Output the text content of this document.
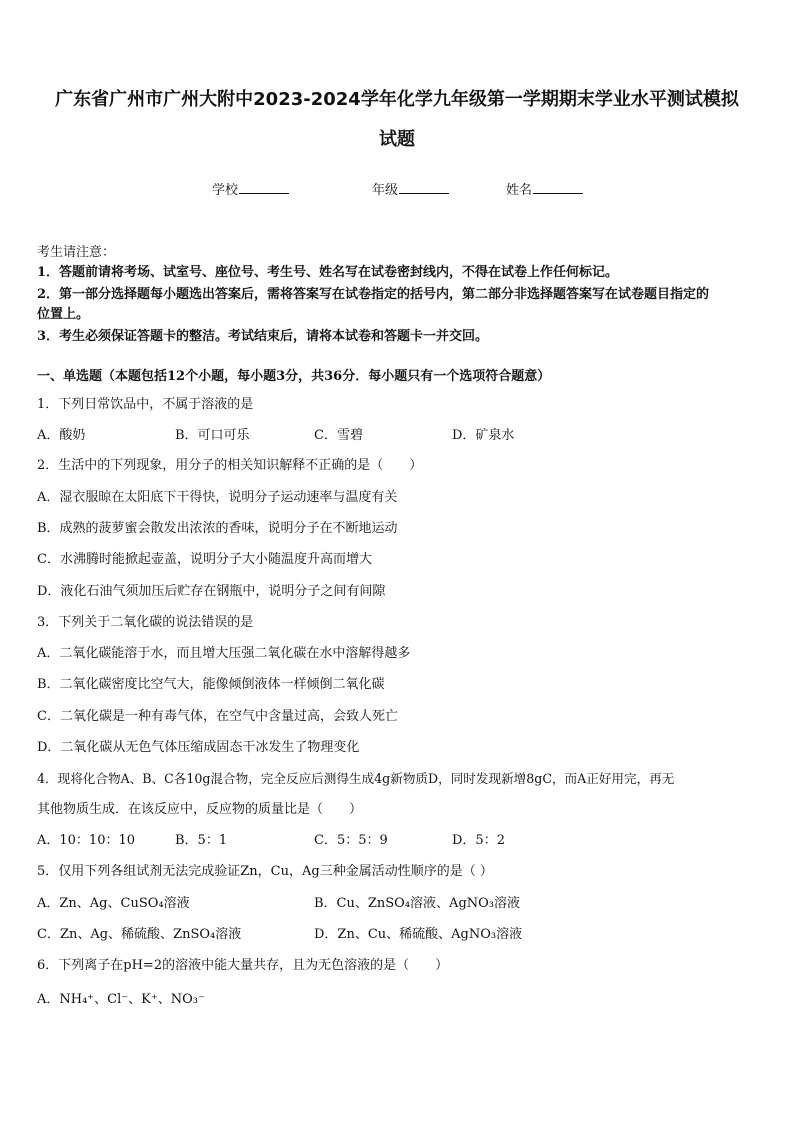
广东省广州市广州大附中2023-2024学年化学九年级第一学期期末学业水平测试模拟
试题
学校	年级	姓名
考生请注意：
1．答题前请将考场、试室号、座位号、考生号、姓名写在试卷密封线内，不得在试卷上作任何标记。
2．第一部分选择题每小题选出答案后，需将答案写在试卷指定的括号内，第二部分非选择题答案写在试卷题目指定的
位置上。
3．考生必须保证答题卡的整洁。考试结束后，请将本试卷和答题卡一并交回。
一、单选题（本题包括12个小题，每小题3分，共36分．每小题只有一个选项符合题意）
1．下列日常饮品中，不属于溶液的是
A．酸奶	B．可口可乐	C．雪碧	D．矿泉水
2．生活中的下列现象，用分子的相关知识解释不正确的是（　　）
A．湿衣服晾在太阳底下干得快，说明分子运动速率与温度有关
B．成熟的菠萝蜜会散发出浓浓的香味，说明分子在不断地运动
C．水沸腾时能掀起壶盖，说明分子大小随温度升高而增大
D．液化石油气须加压后贮存在钢瓶中，说明分子之间有间隙
3．下列关于二氧化碳的说法错误的是
A．二氧化碳能溶于水，而且增大压强二氧化碳在水中溶解得越多
B．二氧化碳密度比空气大，能像倾倒液体一样倾倒二氧化碳
C．二氧化碳是一种有毒气体，在空气中含量过高，会致人死亡
D．二氧化碳从无色气体压缩成固态干冰发生了物理变化
4．现将化合物A、B、C各10g混合物，完全反应后测得生成4g新物质D，同时发现新增8gC，而A正好用完，再无
其他物质生成．在该反应中，反应物的质量比是（　　）
A．10：10：10	B．5：1	C．5：5：9	D．5：2
5．仅用下列各组试剂无法完成验证Zn，Cu，Ag三种金属活动性顺序的是（ ）
A．Zn、Ag、CuSO₄溶液	B．Cu、ZnSO₄溶液、AgNO₃溶液
C．Zn、Ag、稀硫酸、ZnSO₄溶液	D．Zn、Cu、稀硫酸、AgNO₃溶液
6．下列离子在pH=2的溶液中能大量共存，且为无色溶液的是（　　）
A．NH₄⁺、Cl⁻、K⁺、NO₃⁻
